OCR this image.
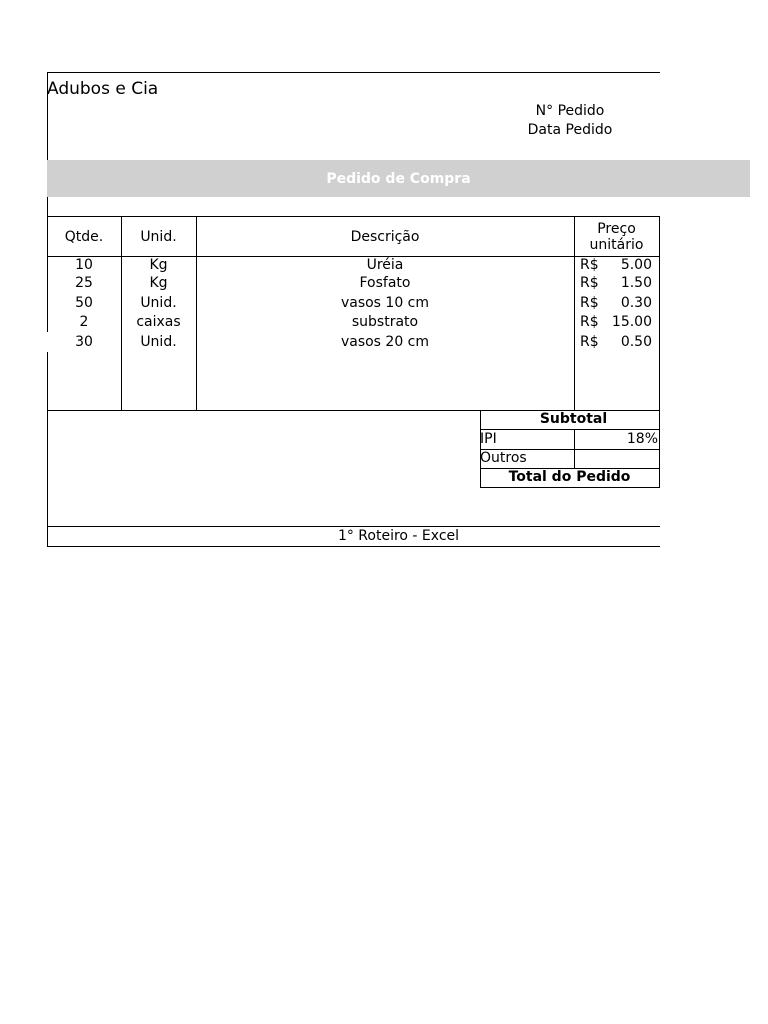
Adubos e Cia
N° Pedido
Data Pedido
Pedido de Compra
Qtde.	Unid.	Descrição	Preço
unitário
10	Kg	Uréia	R$	5.00
25	Kg	Fosfato	R$	1.50
50	Unid.	vasos 10 cm	R$	0.30
2	caixas	substrato	R$ 15.00
30	Unid.	vasos 20 cm	R$	0.50
Subtotal
IPI	18%
Outros
Total do Pedido
1° Roteiro - Excel
